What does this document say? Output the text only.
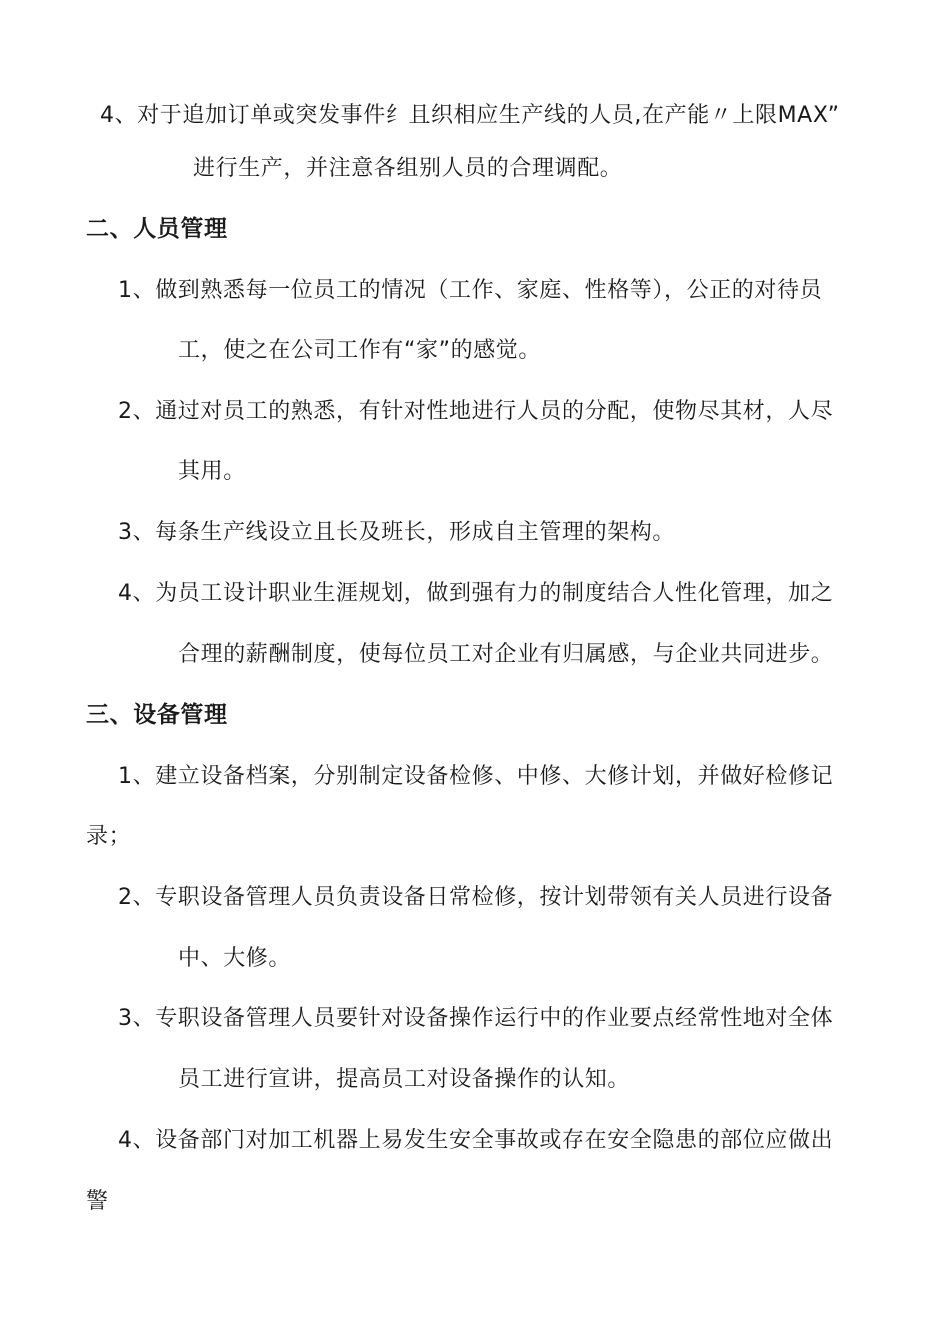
4、对于追加订单或突发事件纟且织相应生产线的人员,在产能〃上限MAX”
进行生产，并注意各组别人员的合理调配。
二、人员管理
1、做到熟悉每一位员工的情况（工作、家庭、性格等），公正的对待员
工，使之在公司工作有“家”的感觉。
2、通过对员工的熟悉，有针对性地进行人员的分配，使物尽其材，人尽
其用。
3、每条生产线设立且长及班长，形成自主管理的架构。
4、为员工设计职业生涯规划，做到强有力的制度结合人性化管理，加之
合理的薪酬制度，使每位员工对企业有归属感，与企业共同进步。
三、设备管理
1、建立设备档案，分别制定设备检修、中修、大修计划，并做好检修记
录；
2、专职设备管理人员负责设备日常检修，按计划带领有关人员进行设备
中、大修。
3、专职设备管理人员要针对设备操作运行中的作业要点经常性地对全体
员工进行宣讲，提高员工对设备操作的认知。
4、设备部门对加工机器上易发生安全事故或存在安全隐患的部位应做出
警
